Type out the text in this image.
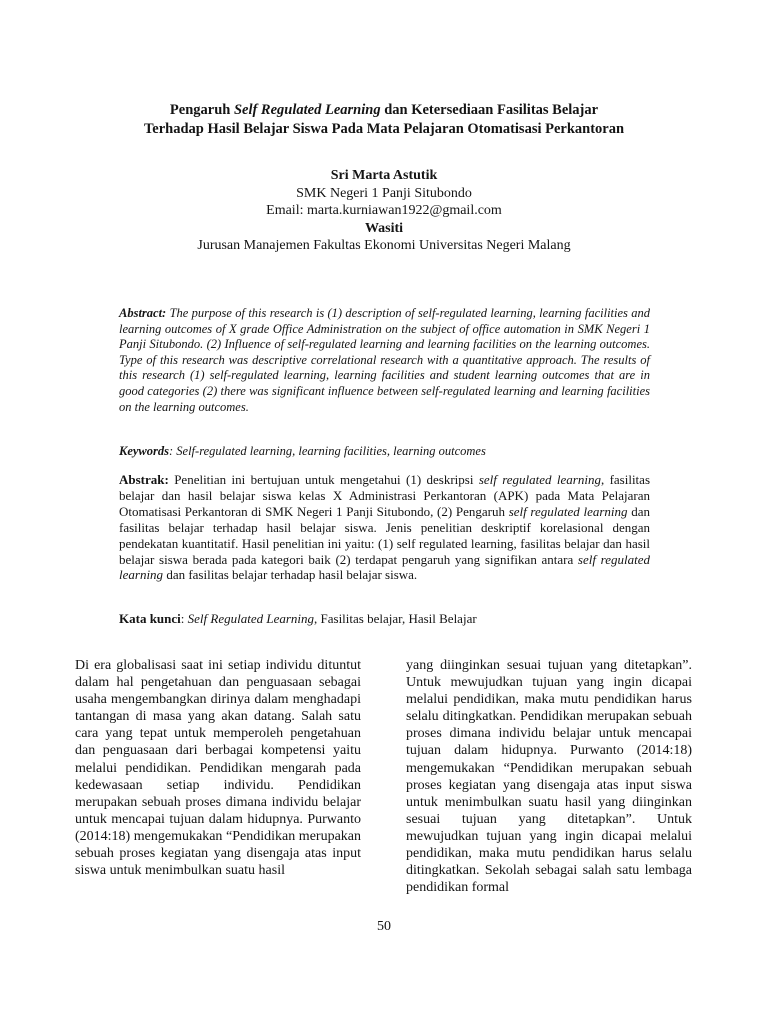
Pengaruh Self Regulated Learning dan Ketersediaan Fasilitas Belajar
Terhadap Hasil Belajar Siswa Pada Mata Pelajaran Otomatisasi Perkantoran
Sri Marta Astutik
SMK Negeri 1 Panji Situbondo
Email: marta.kurniawan1922@gmail.com
Wasiti
Jurusan Manajemen Fakultas Ekonomi Universitas Negeri Malang
Abstract: The purpose of this research is (1) description of self-regulated learning, learning facilities and learning outcomes of X grade Office Administration on the subject of office automation in SMK Negeri 1 Panji Situbondo. (2) Influence of self-regulated learning and learning facilities on the learning outcomes. Type of this research was descriptive correlational research with a quantitative approach. The results of this research (1) self-regulated learning, learning facilities and student learning outcomes that are in good categories (2) there was significant influence between self-regulated learning and learning facilities on the learning outcomes.
Keywords: Self-regulated learning, learning facilities, learning outcomes
Abstrak: Penelitian ini bertujuan untuk mengetahui (1) deskripsi self regulated learning, fasilitas belajar dan hasil belajar siswa kelas X Administrasi Perkantoran (APK) pada Mata Pelajaran Otomatisasi Perkantoran di SMK Negeri 1 Panji Situbondo, (2) Pengaruh self regulated learning dan fasilitas belajar terhadap hasil belajar siswa. Jenis penelitian deskriptif korelasional dengan pendekatan kuantitatif. Hasil penelitian ini yaitu: (1) self regulated learning, fasilitas belajar dan hasil belajar siswa berada pada kategori baik (2) terdapat pengaruh yang signifikan antara self regulated learning dan fasilitas belajar terhadap hasil belajar siswa.
Kata kunci: Self Regulated Learning, Fasilitas belajar, Hasil Belajar
Di era globalisasi saat ini setiap individu dituntut dalam hal pengetahuan dan penguasaan sebagai usaha mengembangkan dirinya dalam menghadapi tantangan di masa yang akan datang. Salah satu cara yang tepat untuk memperoleh pengetahuan dan penguasaan dari berbagai kompetensi yaitu melalui pendidikan. Pendidikan mengarah pada kedewasaan setiap individu. Pendidikan merupakan sebuah proses dimana individu belajar untuk mencapai tujuan dalam hidupnya. Purwanto (2014:18) mengemukakan “Pendidikan merupakan sebuah proses kegiatan yang disengaja atas input siswa untuk menimbulkan suatu hasil
yang diinginkan sesuai tujuan yang ditetapkan”. Untuk mewujudkan tujuan yang ingin dicapai melalui pendidikan, maka mutu pendidikan harus selalu ditingkatkan. Pendidikan merupakan sebuah proses dimana individu belajar untuk mencapai tujuan dalam hidupnya. Purwanto (2014:18) mengemukakan “Pendidikan merupakan sebuah proses kegiatan yang disengaja atas input siswa untuk menimbulkan suatu hasil yang diinginkan sesuai tujuan yang ditetapkan”. Untuk mewujudkan tujuan yang ingin dicapai melalui pendidikan, maka mutu pendidikan harus selalu ditingkatkan. Sekolah sebagai salah satu lembaga pendidikan formal
50
